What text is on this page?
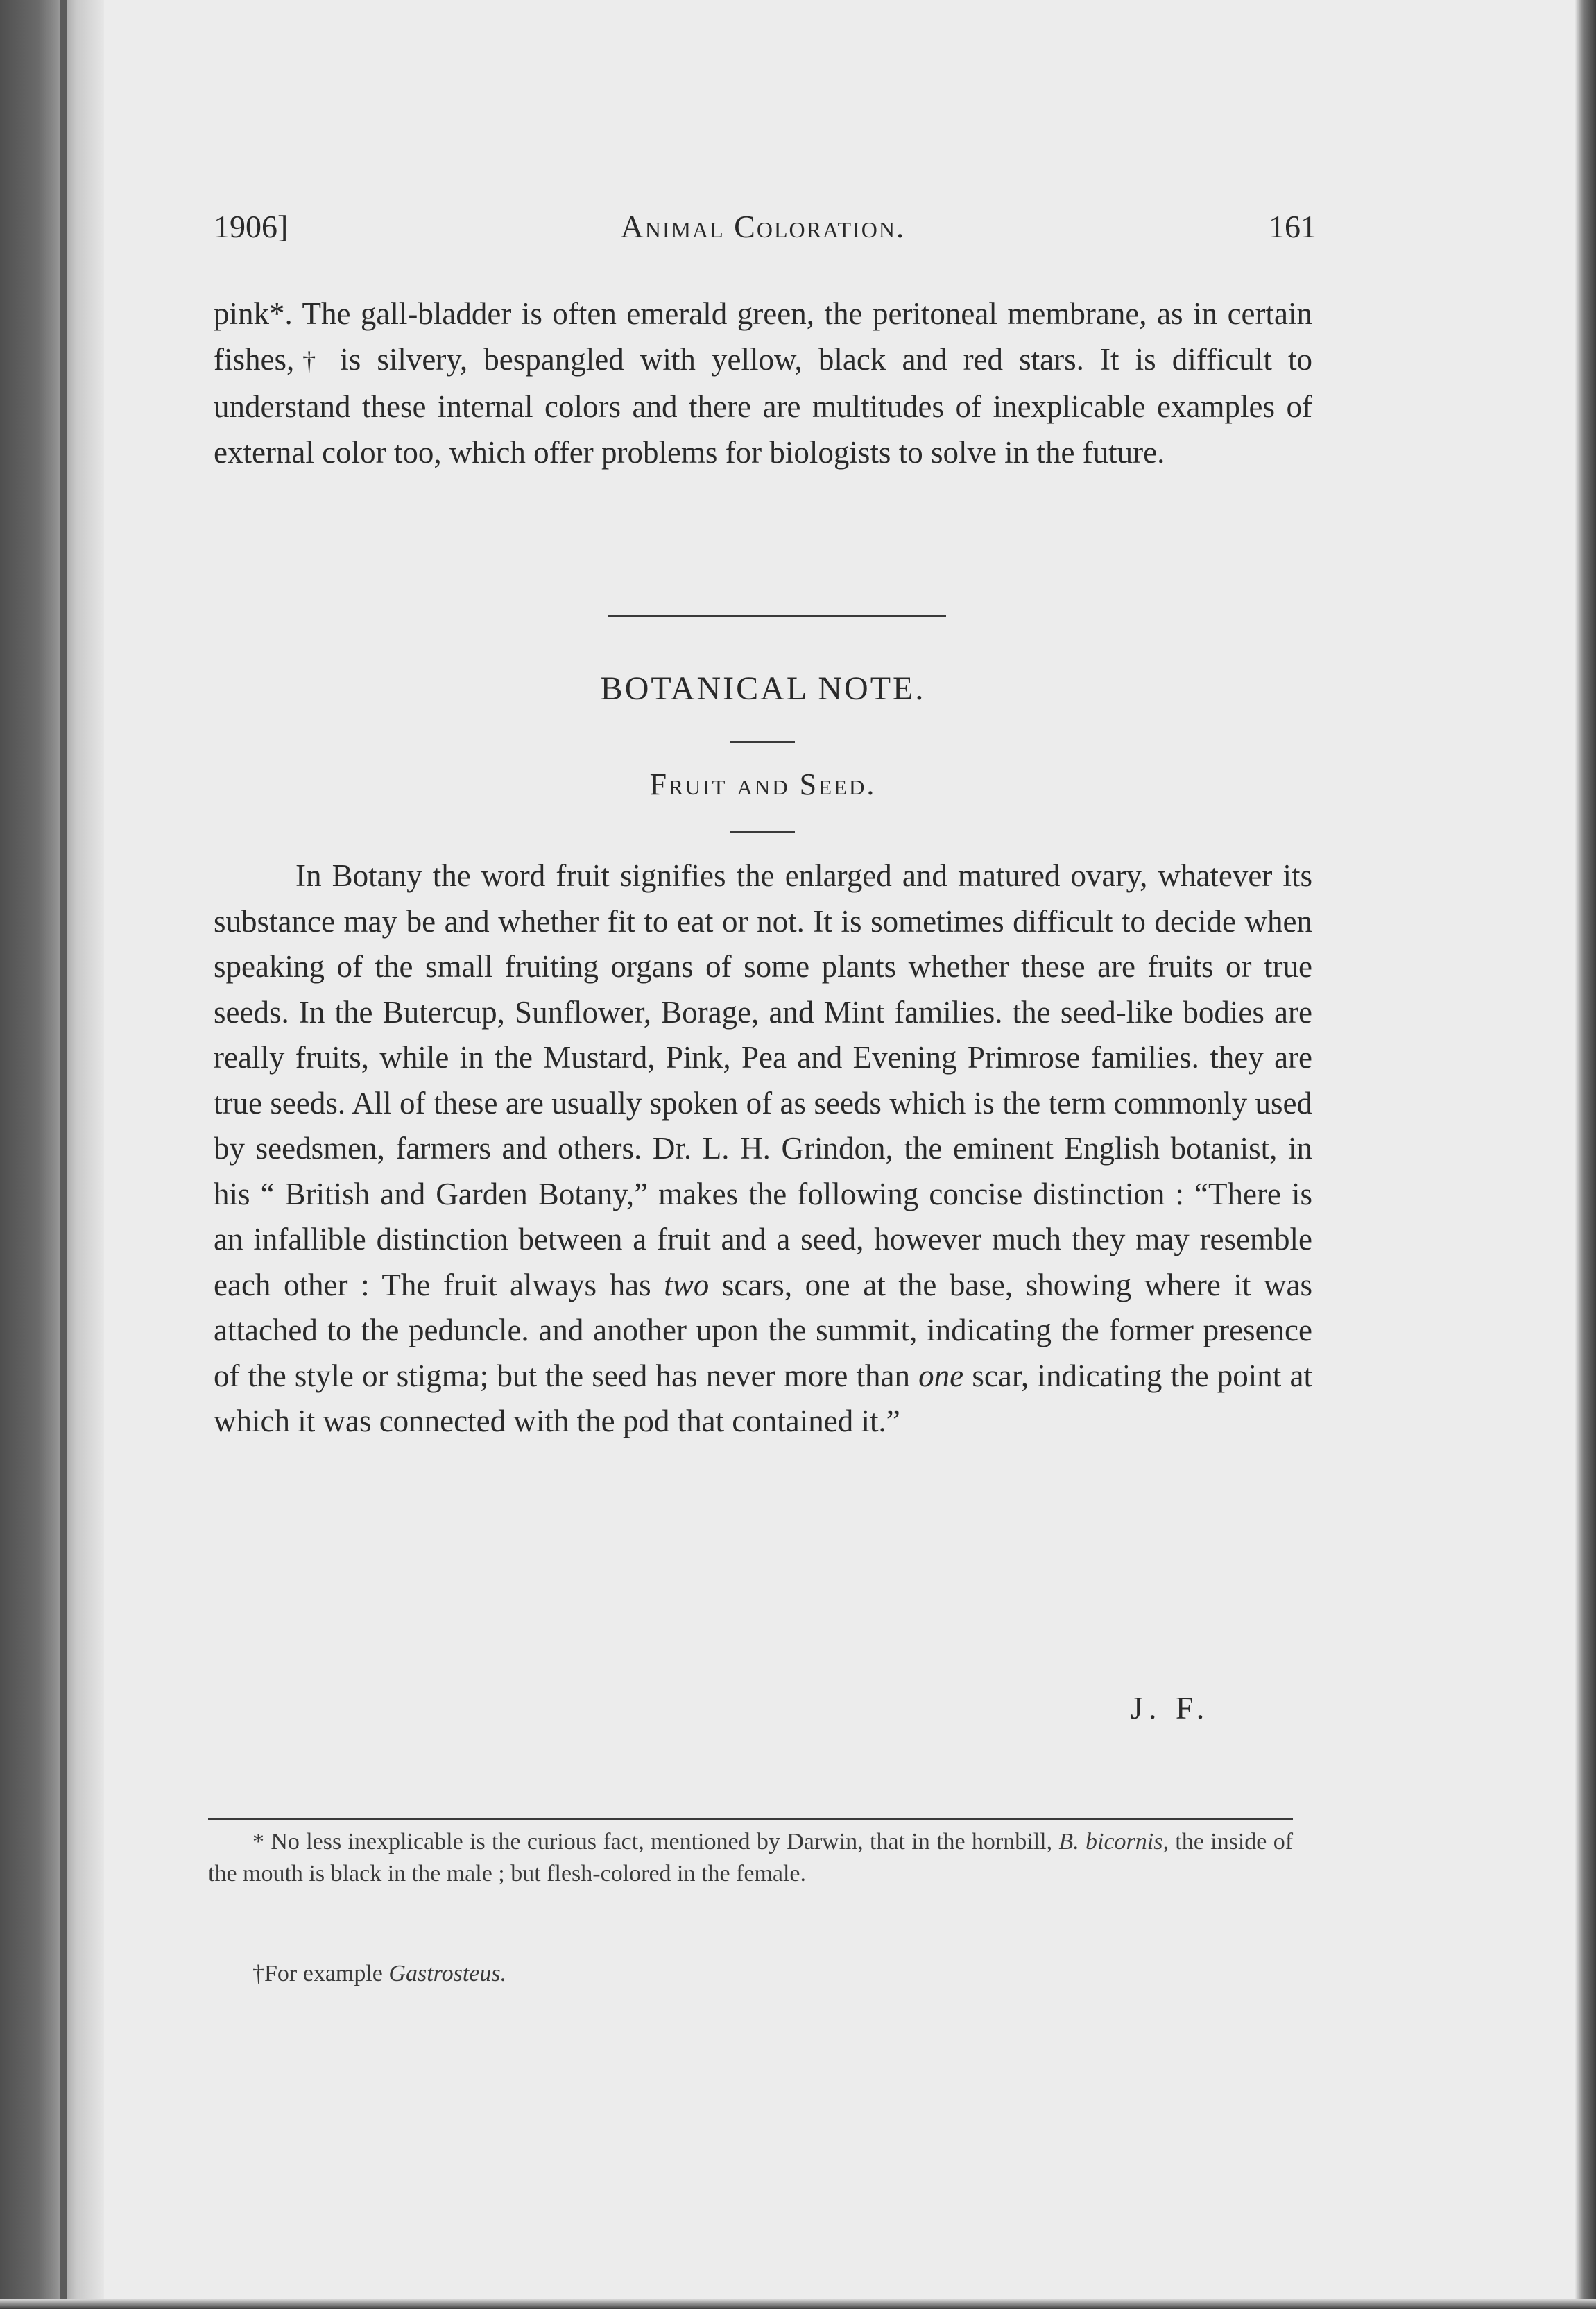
1906]	Animal Coloration.	161

pink*. The gall-bladder is often emerald green, the peritoneal membrane, as in certain fishes,† is silvery, bespangled with yellow, black and red stars. It is difficult to understand these internal colors and there are multitudes of inexplicable examples of external color too, which offer problems for biologists to solve in the future.

BOTANICAL NOTE.
Fruit and Seed.

In Botany the word fruit signifies the enlarged and matured ovary, whatever its substance may be and whether fit to eat or not. It is sometimes difficult to decide when speaking of the small fruiting organs of some plants whether these are fruits or true seeds. In the Butercup, Sunflower, Borage, and Mint families. the seed-like bodies are really fruits, while in the Mustard, Pink, Pea and Evening Primrose families. they are true seeds. All of these are usually spoken of as seeds which is the term commonly used by seedsmen, farmers and others. Dr. L. H. Grindon, the eminent English botanist, in his “ British and Garden Botany,” makes the following concise distinction : “There is an infallible distinction between a fruit and a seed, however much they may resemble each other : The fruit always has two scars, one at the base, showing where it was attached to the peduncle. and another upon the summit, indicating the former presence of the style or stigma; but the seed has never more than one scar, indicating the point at which it was connected with the pod that contained it.”

J. F.

* No less inexplicable is the curious fact, mentioned by Darwin, that in the hornbill, B. bicornis, the inside of the mouth is black in the male ; but flesh-colored in the female.

†For example Gastrosteus.
